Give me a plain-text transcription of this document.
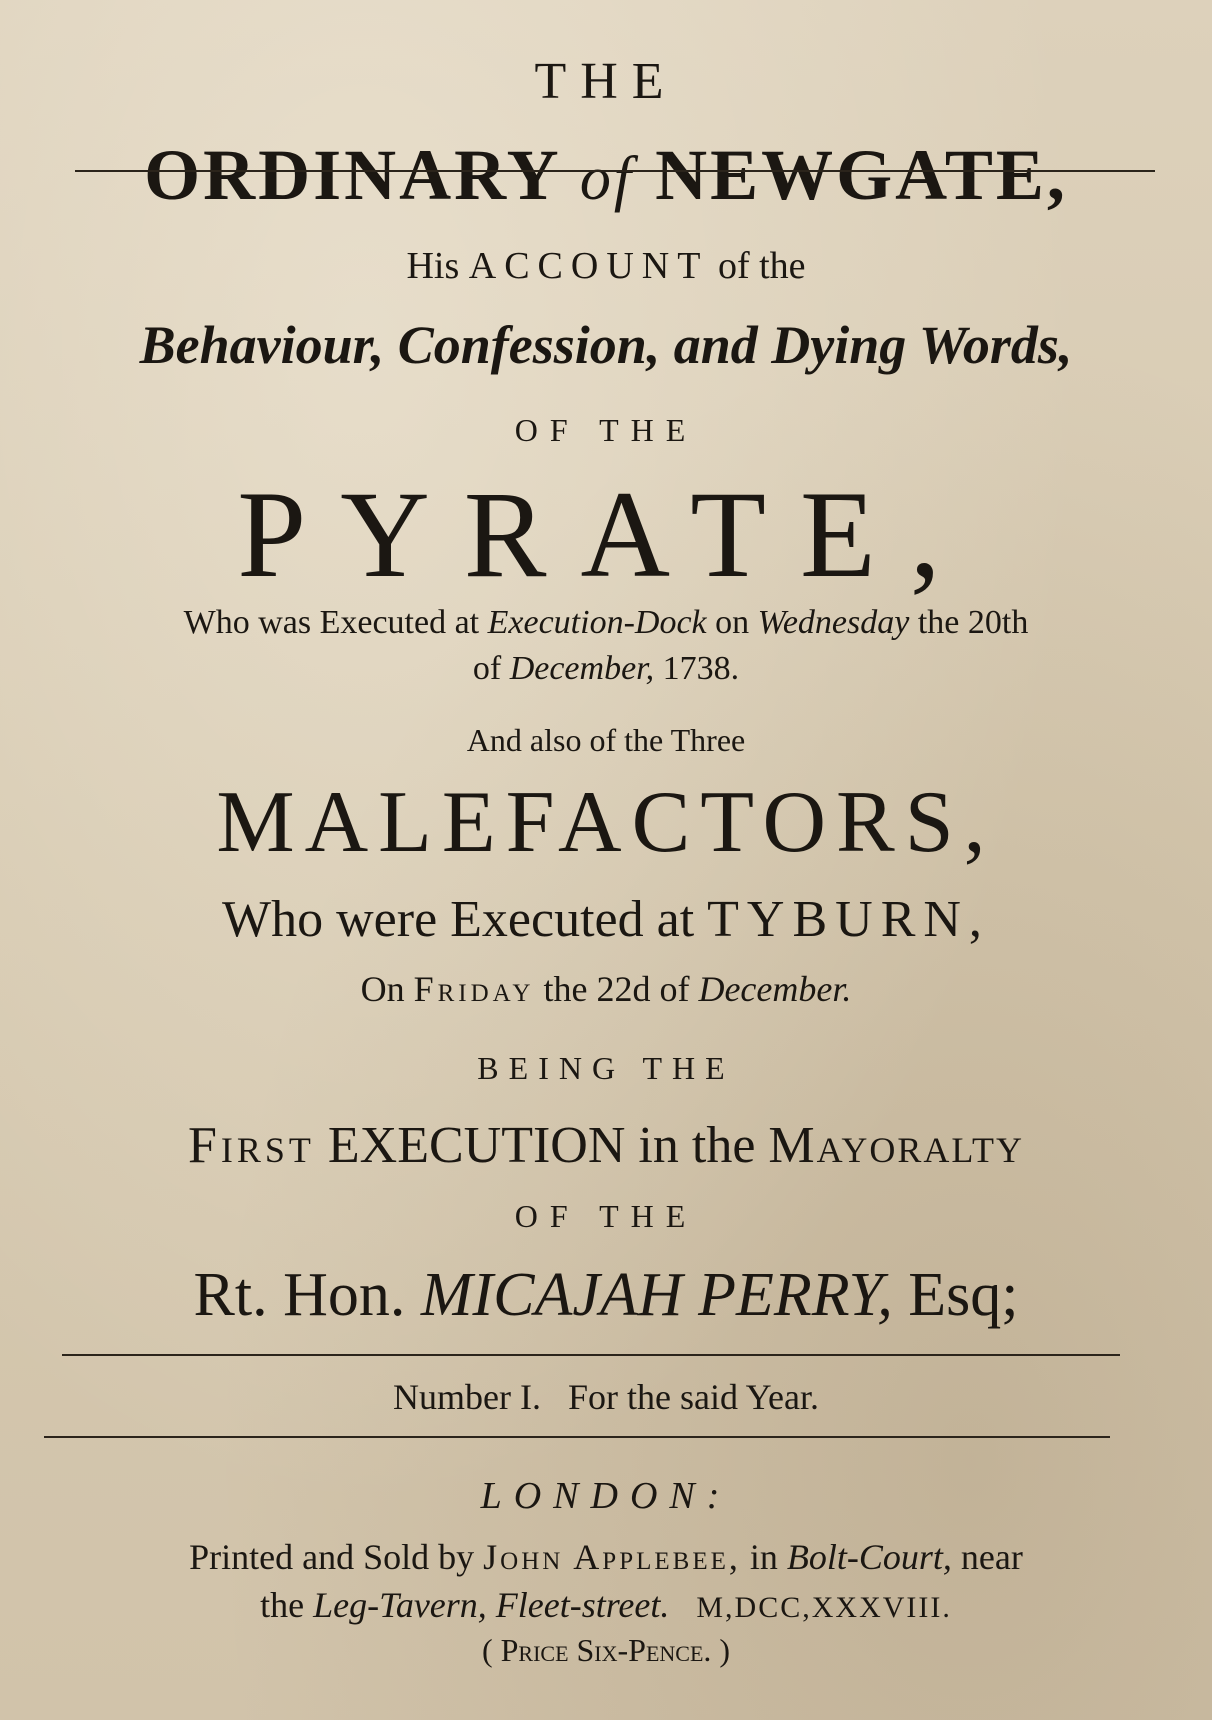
THE
ORDINARY of NEWGATE,
His ACCOUNT of the
Behaviour, Confession, and Dying Words,
OF THE
PYRATE,
Who was Executed at Execution-Dock on Wednesday the 20th
of December, 1738.
And also of the Three
MALEFACTORS,
Who were Executed at TYBURN,
On Friday the 22d of December.
BEING THE
First EXECUTION in the Mayoralty
OF THE
Rt. Hon. MICAJAH PERRY, Esq;
Number I. For the said Year.
LONDON:
Printed and Sold by John Applebee, in Bolt-Court, near
the Leg-Tavern, Fleet-street. M,DCC,XXXVIII.
( Price Six-Pence. )
